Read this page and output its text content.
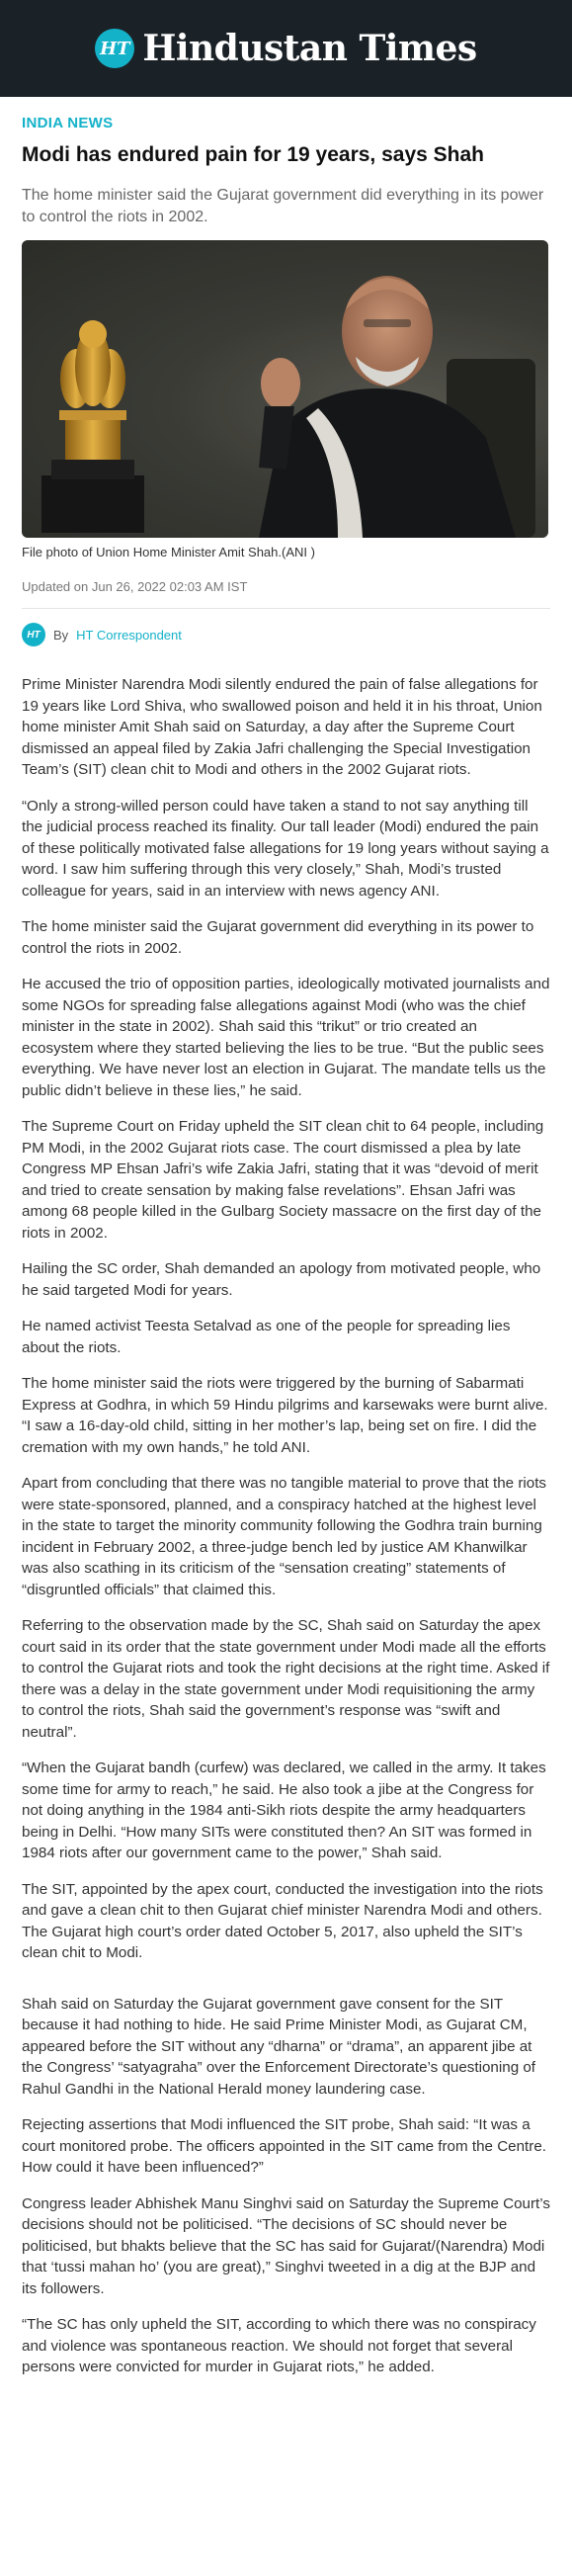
HT Hindustan Times
INDIA NEWS
Modi has endured pain for 19 years, says Shah

The home minister said the Gujarat government did everything in its power to control the riots in 2002.

File photo of Union Home Minister Amit Shah.(ANI )

Updated on Jun 26, 2022 02:03 AM IST

HT	By HT Correspondent

Prime Minister Narendra Modi silently endured the pain of false allegations for 19 years like Lord Shiva, who swallowed poison and held it in his throat, Union home minister Amit Shah said on Saturday, a day after the Supreme Court dismissed an appeal filed by Zakia Jafri challenging the Special Investigation Team’s (SIT) clean chit to Modi and others in the 2002 Gujarat riots.

“Only a strong-willed person could have taken a stand to not say anything till the judicial process reached its finality. Our tall leader (Modi) endured the pain of these politically motivated false allegations for 19 long years without saying a word. I saw him suffering through this very closely,” Shah, Modi’s trusted colleague for years, said in an interview with news agency ANI.

The home minister said the Gujarat government did everything in its power to control the riots in 2002.

He accused the trio of opposition parties, ideologically motivated journalists and some NGOs for spreading false allegations against Modi (who was the chief minister in the state in 2002). Shah said this “trikut” or trio created an ecosystem where they started believing the lies to be true. “But the public sees everything. We have never lost an election in Gujarat. The mandate tells us the public didn’t believe in these lies,” he said.

The Supreme Court on Friday upheld the SIT clean chit to 64 people, including PM Modi, in the 2002 Gujarat riots case. The court dismissed a plea by late Congress MP Ehsan Jafri’s wife Zakia Jafri, stating that it was “devoid of merit and tried to create sensation by making false revelations”. Ehsan Jafri was among 68 people killed in the Gulbarg Society massacre on the first day of the riots in 2002.

Hailing the SC order, Shah demanded an apology from motivated people, who he said targeted Modi for years.

He named activist Teesta Setalvad as one of the people for spreading lies about the riots.

The home minister said the riots were triggered by the burning of Sabarmati Express at Godhra, in which 59 Hindu pilgrims and karsewaks were burnt alive. “I saw a 16-day-old child, sitting in her mother’s lap, being set on fire. I did the cremation with my own hands,” he told ANI.

Apart from concluding that there was no tangible material to prove that the riots were state-sponsored, planned, and a conspiracy hatched at the highest level in the state to target the minority community following the Godhra train burning incident in February 2002, a three-judge bench led by justice AM Khanwilkar was also scathing in its criticism of the “sensation creating” statements of “disgruntled officials” that claimed this.

Referring to the observation made by the SC, Shah said on Saturday the apex court said in its order that the state government under Modi made all the efforts to control the Gujarat riots and took the right decisions at the right time. Asked if there was a delay in the state government under Modi requisitioning the army to control the riots, Shah said the government’s response was “swift and neutral”.

“When the Gujarat bandh (curfew) was declared, we called in the army. It takes some time for army to reach,” he said. He also took a jibe at the Congress for not doing anything in the 1984 anti-Sikh riots despite the army headquarters being in Delhi. “How many SITs were constituted then? An SIT was formed in 1984 riots after our government came to the power,” Shah said.

The SIT, appointed by the apex court, conducted the investigation into the riots and gave a clean chit to then Gujarat chief minister Narendra Modi and others. The Gujarat high court’s order dated October 5, 2017, also upheld the SIT’s clean chit to Modi.

Shah said on Saturday the Gujarat government gave consent for the SIT because it had nothing to hide. He said Prime Minister Modi, as Gujarat CM, appeared before the SIT without any “dharna” or “drama”, an apparent jibe at the Congress’ “satyagraha” over the Enforcement Directorate’s questioning of Rahul Gandhi in the National Herald money laundering case.

Rejecting assertions that Modi influenced the SIT probe, Shah said: “It was a court monitored probe. The officers appointed in the SIT came from the Centre. How could it have been influenced?”

Congress leader Abhishek Manu Singhvi said on Saturday the Supreme Court’s decisions should not be politicised. “The decisions of SC should never be politicised, but bhakts believe that the SC has said for Gujarat/(Narendra) Modi that ‘tussi mahan ho’ (you are great),” Singhvi tweeted in a dig at the BJP and its followers.

“The SC has only upheld the SIT, according to which there was no conspiracy and violence was spontaneous reaction. We should not forget that several persons were convicted for murder in Gujarat riots,” he added.
